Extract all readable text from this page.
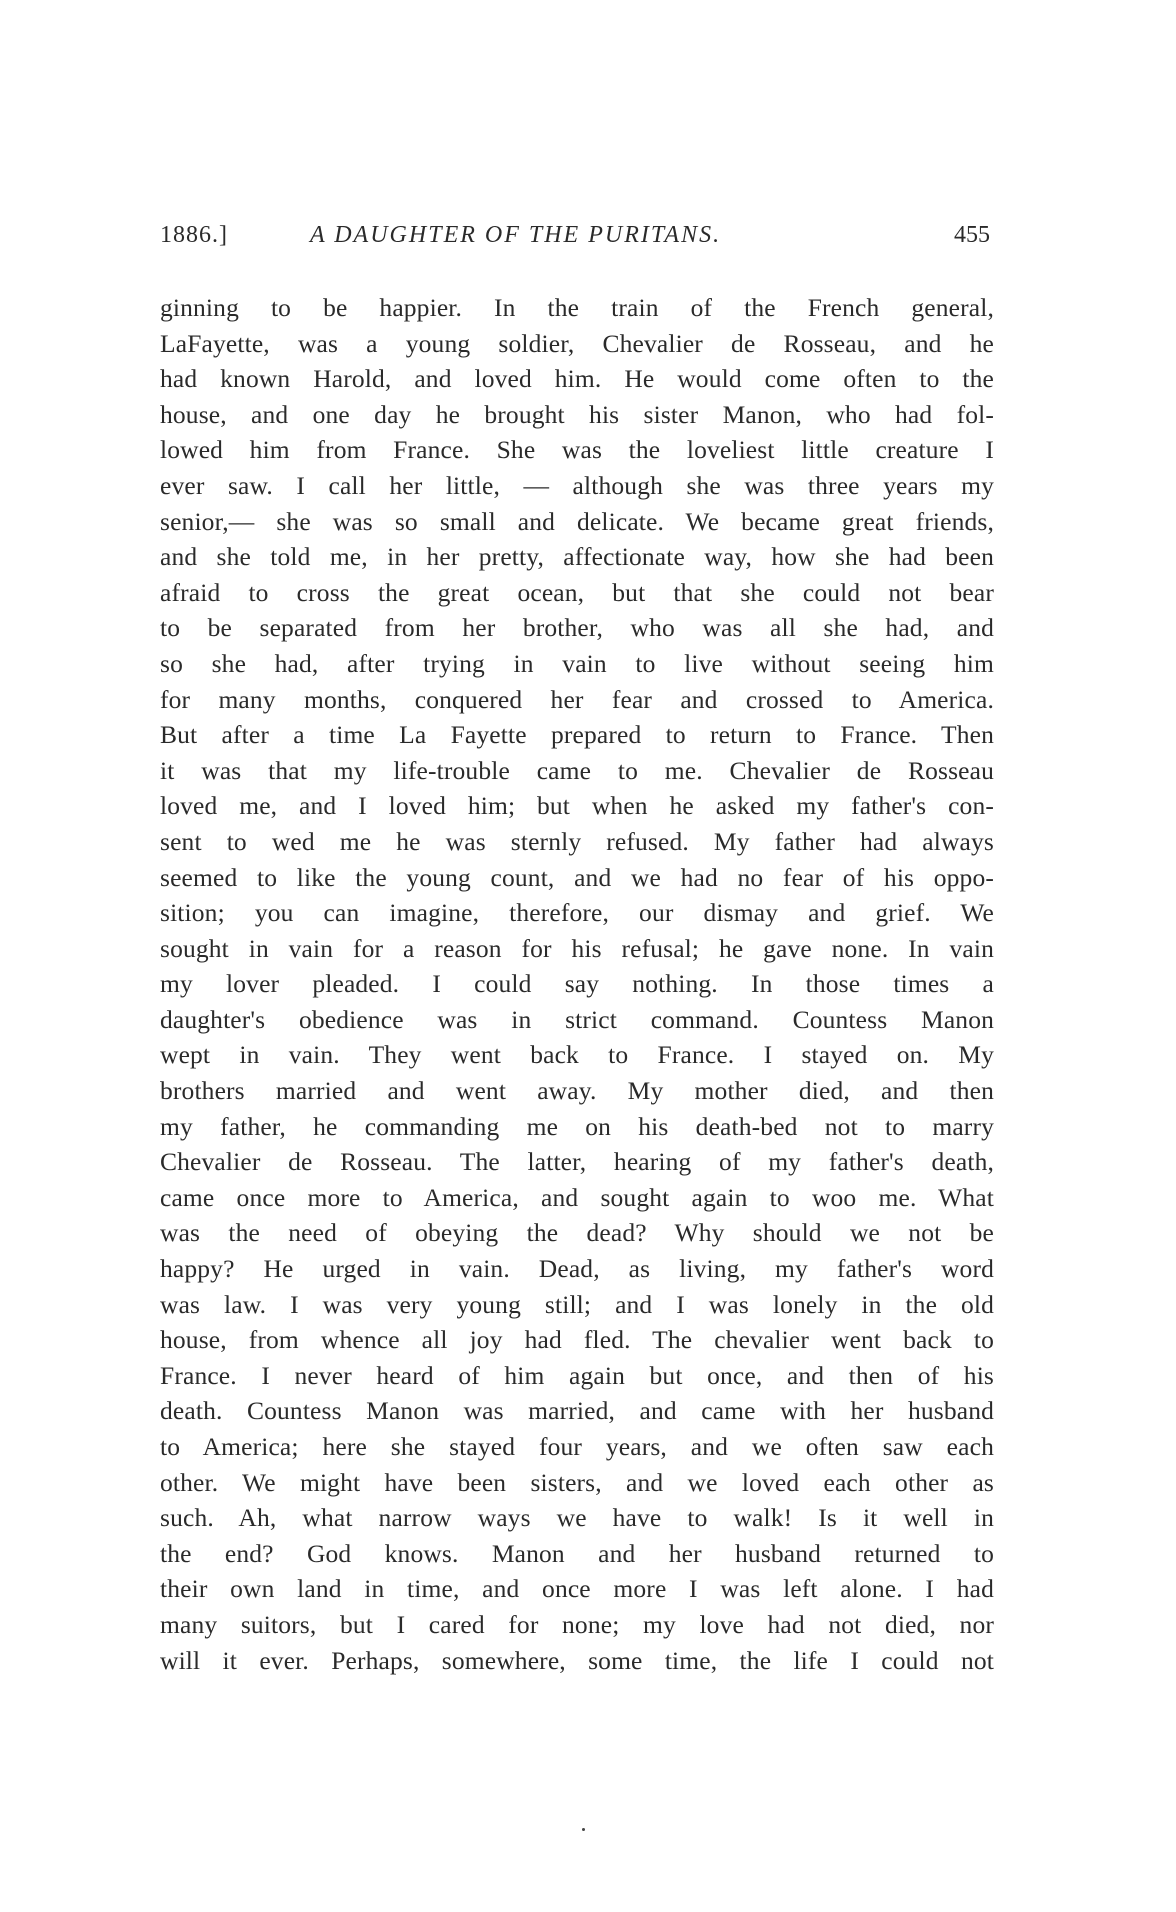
1886.]	A DAUGHTER OF THE PURITANS.	455
ginning to be happier. In the train of the French general,
LaFayette, was a young soldier, Chevalier de Rosseau, and he
had known Harold, and loved him. He would come often to the
house, and one day he brought his sister Manon, who had fol-
lowed him from France. She was the loveliest little creature I
ever saw. I call her little, — although she was three years my
senior,— she was so small and delicate. We became great friends,
and she told me, in her pretty, affectionate way, how she had been
afraid to cross the great ocean, but that she could not bear
to be separated from her brother, who was all she had, and
so she had, after trying in vain to live without seeing him
for many months, conquered her fear and crossed to America.
But after a time La Fayette prepared to return to France. Then
it was that my life-trouble came to me. Chevalier de Rosseau
loved me, and I loved him; but when he asked my father's con-
sent to wed me he was sternly refused. My father had always
seemed to like the young count, and we had no fear of his oppo-
sition; you can imagine, therefore, our dismay and grief. We
sought in vain for a reason for his refusal; he gave none. In vain
my lover pleaded. I could say nothing. In those times a
daughter's obedience was in strict command. Countess Manon
wept in vain. They went back to France. I stayed on. My
brothers married and went away. My mother died, and then
my father, he commanding me on his death-bed not to marry
Chevalier de Rosseau. The latter, hearing of my father's death,
came once more to America, and sought again to woo me. What
was the need of obeying the dead? Why should we not be
happy? He urged in vain. Dead, as living, my father's word
was law. I was very young still; and I was lonely in the old
house, from whence all joy had fled. The chevalier went back to
France. I never heard of him again but once, and then of his
death. Countess Manon was married, and came with her husband
to America; here she stayed four years, and we often saw each
other. We might have been sisters, and we loved each other as
such. Ah, what narrow ways we have to walk! Is it well in
the end? God knows. Manon and her husband returned to
their own land in time, and once more I was left alone. I had
many suitors, but I cared for none; my love had not died, nor
will it ever. Perhaps, somewhere, some time, the life I could not
